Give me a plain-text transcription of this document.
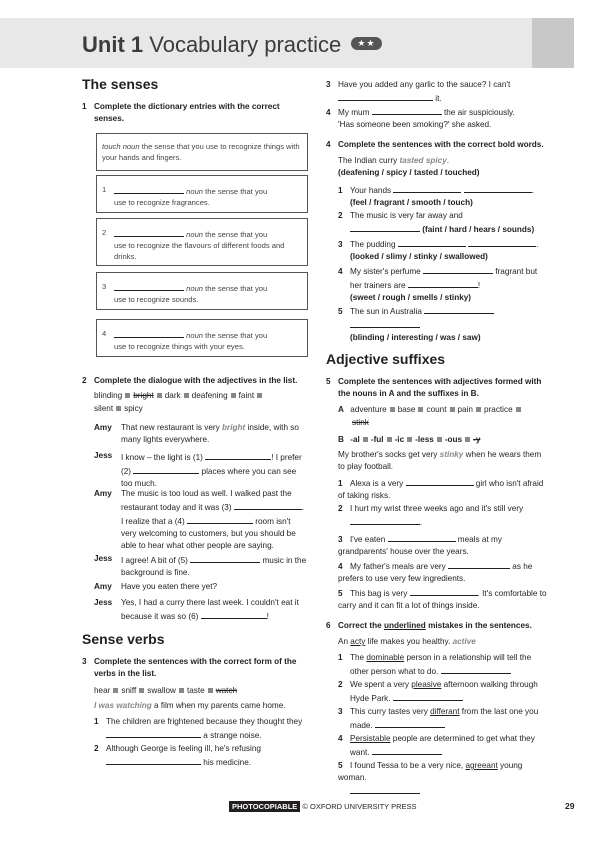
Unit 1 Vocabulary practice ★★
The senses
1 Complete the dictionary entries with the correct senses.
touch noun the sense that you use to recognize things with your hands and fingers.
1	noun the sense that you
use to recognize fragrances.
2	noun the sense that you
use to recognize the flavours of different foods and drinks.
3	noun the sense that you
use to recognize sounds.
4	noun the sense that you
use to recognize things with your eyes.
2 Complete the dialogue with the adjectives in the list.
blinding bright dark deafening faint
silent spicy
Amy That new restaurant is very bright inside, with so many lights everywhere.
Jess I know – the light is (1)	! I prefer (2)	places where you can see too much.
Amy The music is too loud as well. I walked past the restaurant today and it was (3)	. I realize that a (4)	room isn't very welcoming to customers, but you should be able to hear what other people are saying.
Jess I agree! A bit of (5)	music in the background is fine.
Amy Have you eaten there yet?
Jess Yes, I had a curry there last week. I couldn't eat it because it was so (6)	!
Sense verbs
3 Complete the sentences with the correct form of the verbs in the list.
hear sniff swallow taste watch
I was watching a film when my parents came home.
1 The children are frightened because they thought they
a strange noise.
2 Although George is feeling ill, he's refusing
his medicine.
3 Have you added any garlic to the sauce? I can't
it.
4 My mum	the air suspiciously.
'Has someone been smoking?' she asked.
4 Complete the sentences with the correct bold words.
The Indian curry tasted spicy.
(deafening / spicy / tasted / touched)
1 Your hands	.
(feel / fragrant / smooth / touch)
2 The music is very far away and
(faint / hard / hears / sounds)
3 The pudding	.
(looked / slimy / stinky / swallowed)
4 My sister's perfume	fragrant but
her trainers are	!
(sweet / rough / smells / stinky)
5 The sun in Australia

(blinding / interesting / was / saw)
Adjective suffixes
5 Complete the sentences with adjectives formed with the nouns in A and the suffixes in B.
A adventure base count pain practice
stink
B -al -ful -ic -less -ous -y
My brother's socks get very stinky when he wears them to play football.
1 Alexa is a very	girl who isn't afraid of taking risks.
2 I hurt my wrist three weeks ago and it's still very
.
3 I've eaten	meals at my grandparents' house over the years.
4 My father's meals are very	as he prefers to use very few ingredients.
5 This bag is very	. It's comfortable to carry and it can fit a lot of things inside.
6 Correct the underlined mistakes in the sentences.
An acty life makes you healthy. active
1 The dominable person in a relationship will tell the
other person what to do.
2 We spent a very pleasive afternoon walking through
Hyde Park.
3 This curry tastes very differant from the last one you
made.
4 Persistable people are determined to get what they
want.
5 I found Tessa to be a very nice, agreeant young woman.

PHOTOCOPIABLE © OXFORD UNIVERSITY PRESS	29
